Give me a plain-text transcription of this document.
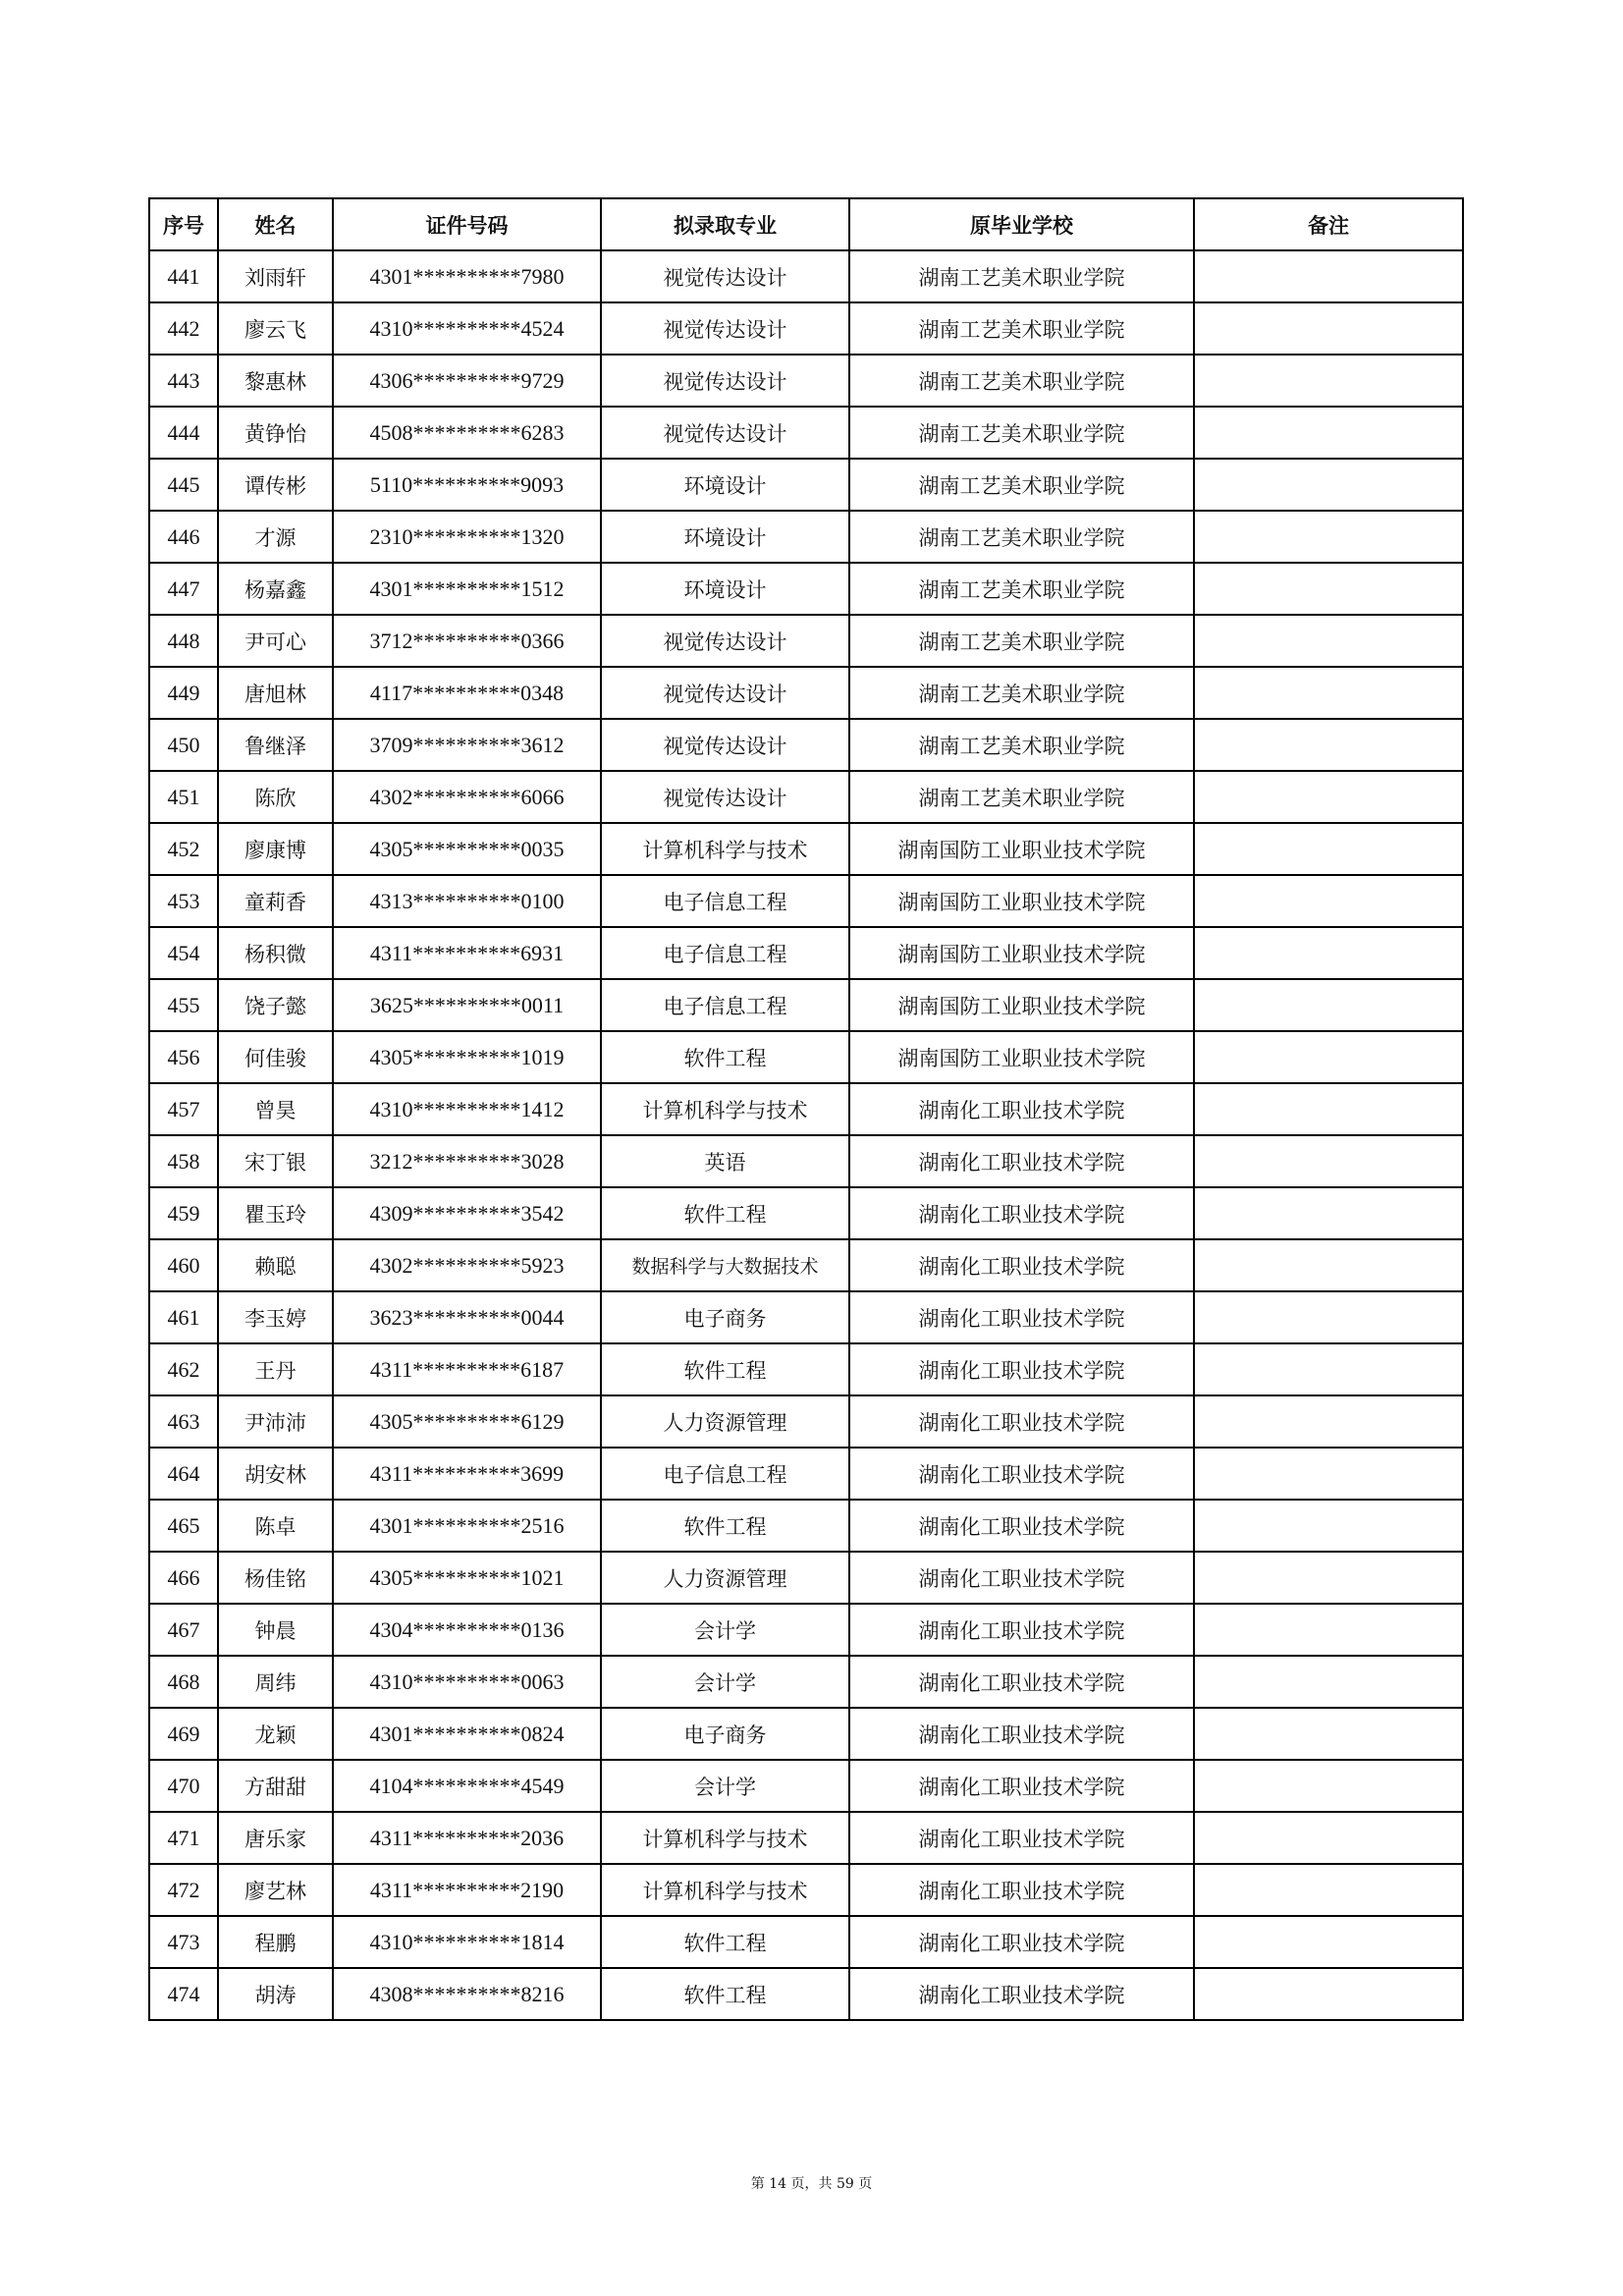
序号	姓名	证件号码	拟录取专业	原毕业学校	备注
441	刘雨轩	4301**********7980	视觉传达设计	湖南工艺美术职业学院	
442	廖云飞	4310**********4524	视觉传达设计	湖南工艺美术职业学院	
443	黎惠林	4306**********9729	视觉传达设计	湖南工艺美术职业学院	
444	黄铮怡	4508**********6283	视觉传达设计	湖南工艺美术职业学院	
445	谭传彬	5110**********9093	环境设计	湖南工艺美术职业学院	
446	才源	2310**********1320	环境设计	湖南工艺美术职业学院	
447	杨嘉鑫	4301**********1512	环境设计	湖南工艺美术职业学院	
448	尹可心	3712**********0366	视觉传达设计	湖南工艺美术职业学院	
449	唐旭林	4117**********0348	视觉传达设计	湖南工艺美术职业学院	
450	鲁继泽	3709**********3612	视觉传达设计	湖南工艺美术职业学院	
451	陈欣	4302**********6066	视觉传达设计	湖南工艺美术职业学院	
452	廖康博	4305**********0035	计算机科学与技术	湖南国防工业职业技术学院	
453	童莉香	4313**********0100	电子信息工程	湖南国防工业职业技术学院	
454	杨积微	4311**********6931	电子信息工程	湖南国防工业职业技术学院	
455	饶子懿	3625**********0011	电子信息工程	湖南国防工业职业技术学院	
456	何佳骏	4305**********1019	软件工程	湖南国防工业职业技术学院	
457	曾昊	4310**********1412	计算机科学与技术	湖南化工职业技术学院	
458	宋丁银	3212**********3028	英语	湖南化工职业技术学院	
459	瞿玉玲	4309**********3542	软件工程	湖南化工职业技术学院	
460	赖聪	4302**********5923	数据科学与大数据技术	湖南化工职业技术学院	
461	李玉婷	3623**********0044	电子商务	湖南化工职业技术学院	
462	王丹	4311**********6187	软件工程	湖南化工职业技术学院	
463	尹沛沛	4305**********6129	人力资源管理	湖南化工职业技术学院	
464	胡安林	4311**********3699	电子信息工程	湖南化工职业技术学院	
465	陈卓	4301**********2516	软件工程	湖南化工职业技术学院	
466	杨佳铭	4305**********1021	人力资源管理	湖南化工职业技术学院	
467	钟晨	4304**********0136	会计学	湖南化工职业技术学院	
468	周纬	4310**********0063	会计学	湖南化工职业技术学院	
469	龙颖	4301**********0824	电子商务	湖南化工职业技术学院	
470	方甜甜	4104**********4549	会计学	湖南化工职业技术学院	
471	唐乐家	4311**********2036	计算机科学与技术	湖南化工职业技术学院	
472	廖艺林	4311**********2190	计算机科学与技术	湖南化工职业技术学院	
473	程鹏	4310**********1814	软件工程	湖南化工职业技术学院	
474	胡涛	4308**********8216	软件工程	湖南化工职业技术学院	
第 14 页，共 59 页
